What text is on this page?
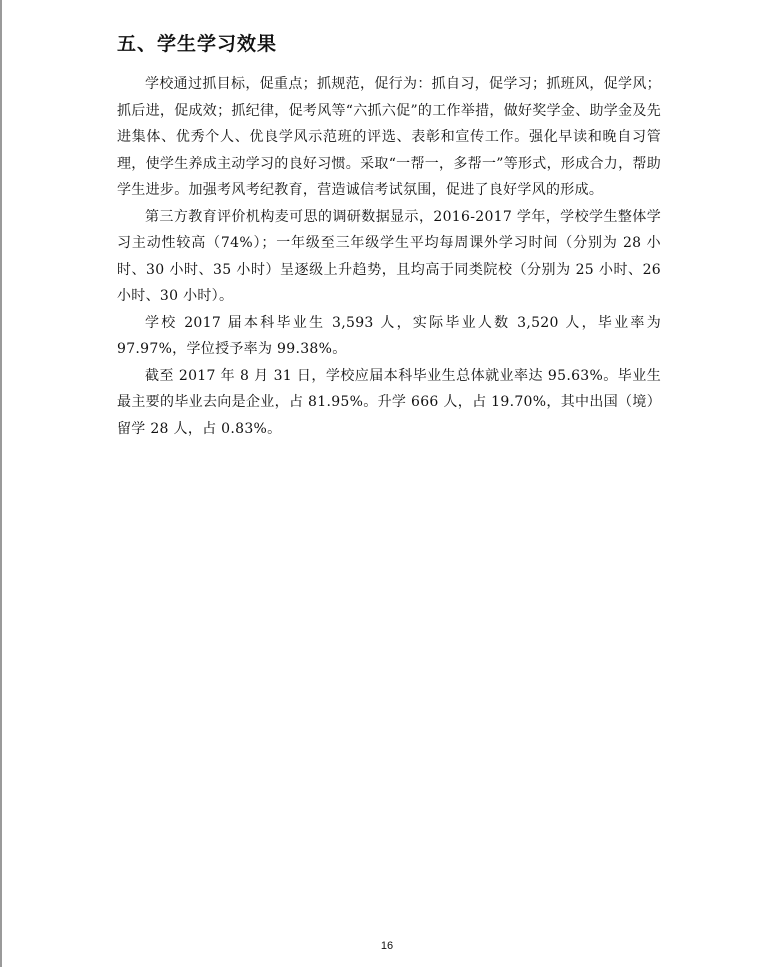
五、学生学习效果

学校通过抓目标，促重点；抓规范，促行为：抓自习，促学习；抓班风，促学风；抓后进，促成效；抓纪律，促考风等“六抓六促”的工作举措，做好奖学金、助学金及先进集体、优秀个人、优良学风示范班的评选、表彰和宣传工作。强化早读和晚自习管理，使学生养成主动学习的良好习惯。采取“一帮一，多帮一”等形式，形成合力，帮助学生进步。加强考风考纪教育，营造诚信考试氛围，促进了良好学风的形成。

第三方教育评价机构麦可思的调研数据显示，2016-2017 学年，学校学生整体学习主动性较高（74%）；一年级至三年级学生平均每周课外学习时间（分别为 28 小时、30 小时、35 小时）呈逐级上升趋势，且均高于同类院校（分别为 25 小时、26 小时、30 小时）。

学校 2017 届本科毕业生 3,593 人，实际毕业人数 3,520 人，毕业率为 97.97%，学位授予率为 99.38%。

截至 2017 年 8 月 31 日，学校应届本科毕业生总体就业率达 95.63%。毕业生最主要的毕业去向是企业，占 81.95%。升学 666 人，占 19.70%，其中出国（境）留学 28 人，占 0.83%。

16
